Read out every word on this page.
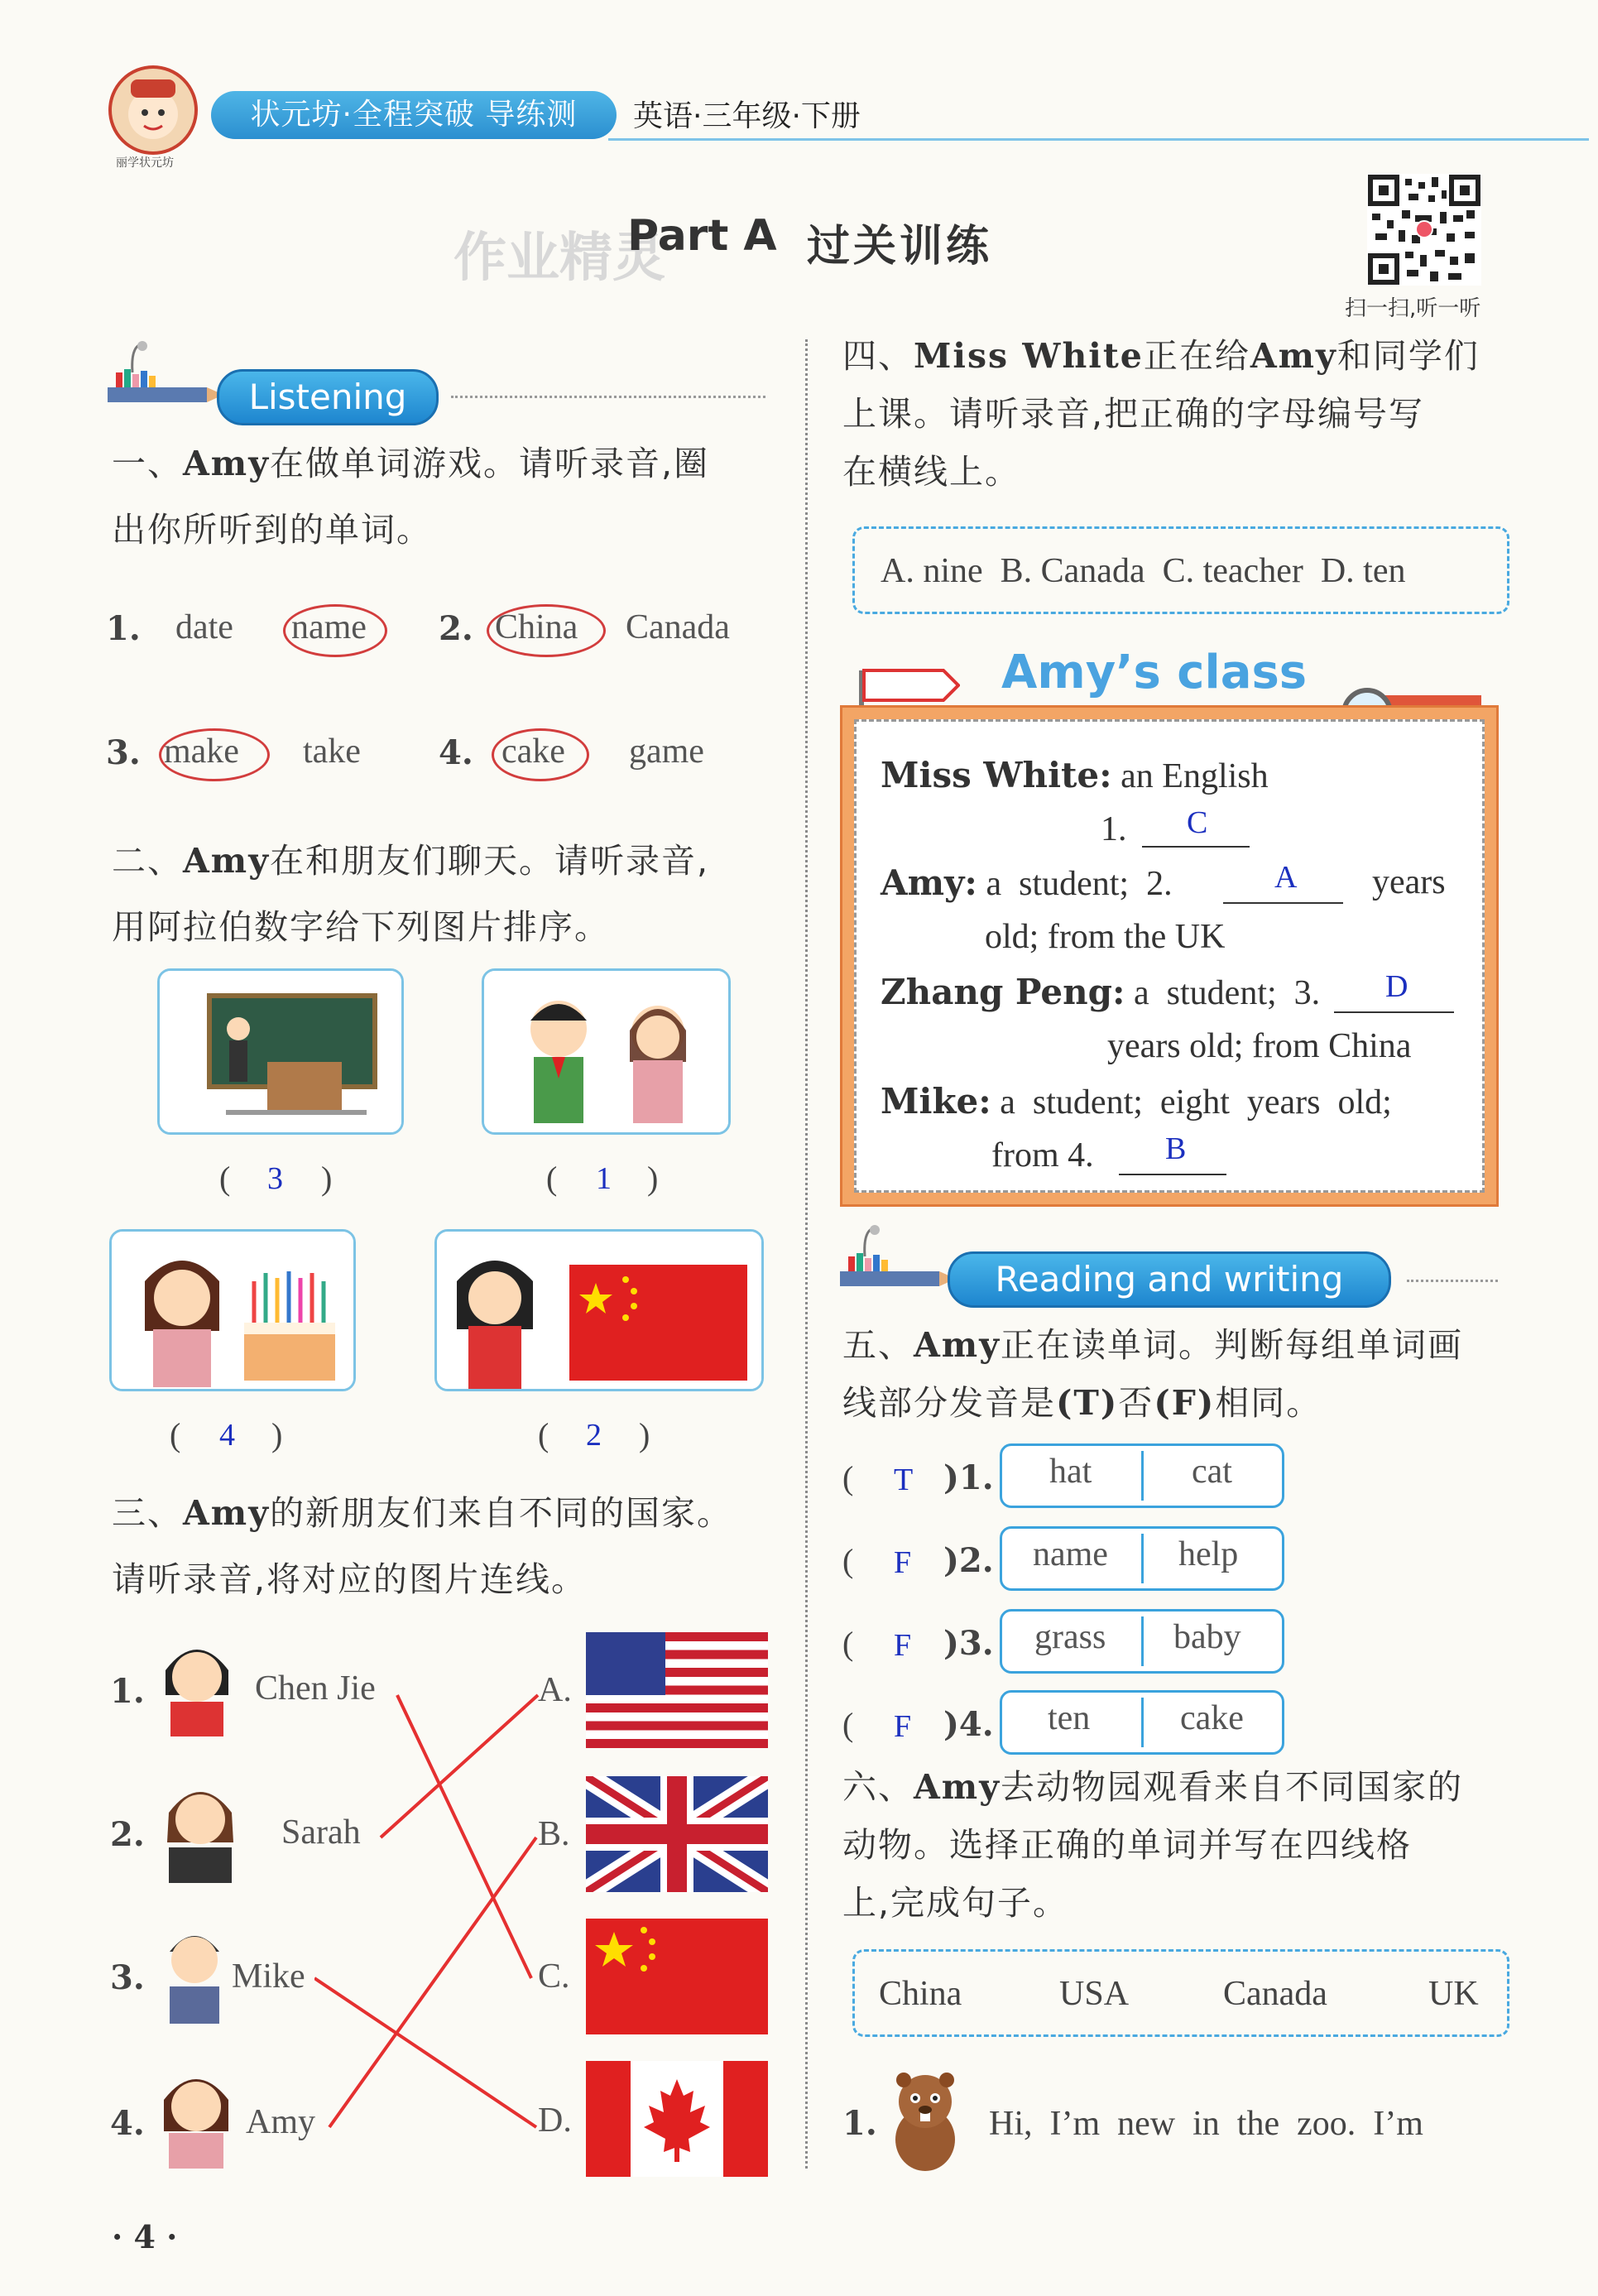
丽学状元坊
状元坊·全程突破 导练测	英语·三年级·下册
作业精灵
Part A 过关训练
扫一扫,听一听
Listening
一、Amy在做单词游戏。请听录音,圈
出你所听到的单词。
1. date name 2. China Canada
3. make take 4. cake game
二、Amy在和朋友们聊天。请听录音,
用阿拉伯数字给下列图片排序。
( 3 )	( 1 )
( 4 )	( 2 )
三、Amy的新朋友们来自不同的国家。
请听录音,将对应的图片连线。
1.	Chen Jie
2.	Sarah
3.	Mike
4.	Amy
A.
B.
C.
D.
四、Miss White正在给Amy和同学们
上课。请听录音,把正确的字母编号写
在横线上。
A. nine  B. Canada  C. teacher  D. ten
Amy’s class
Miss White: an English
1. C
Amy: a  student;  2.	A years
old; from the UK
Zhang Peng: a  student;  3. D
years old; from China
Mike: a  student;  eight  years  old;
from 4. B
Reading and writing
五、Amy正在读单词。判断每组单词画
线部分发音是(T)否(F)相同。
( T )1. hat	cat
( F )2. name help
( F )3. grass baby
( F )4. ten	cake
六、Amy去动物园观看来自不同国家的
动物。选择正确的单词并写在四线格
上,完成句子。
China	USA	Canada	UK
1.	Hi,  I’m  new  in  the  zoo.  I’m
· 4 ·
